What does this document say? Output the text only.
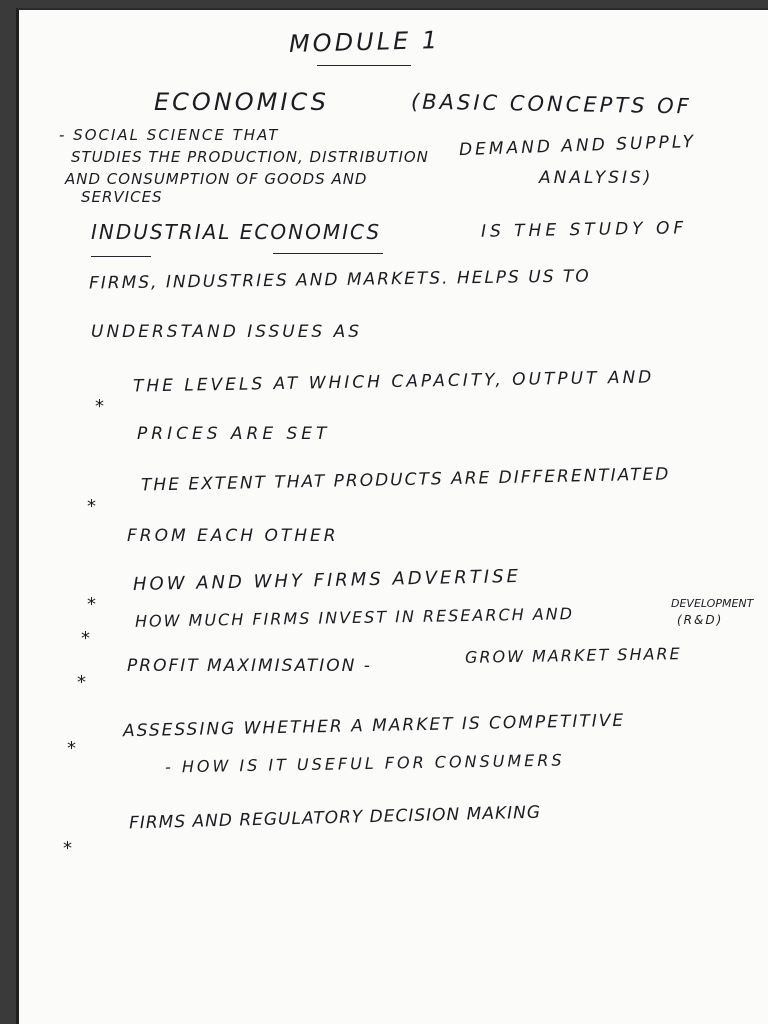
MODULE 1
ECONOMICS	(BASIC CONCEPTS OF
DEMAND AND SUPPLY
ANALYSIS)
- SOCIAL SCIENCE THAT
STUDIES THE PRODUCTION, DISTRIBUTION
AND CONSUMPTION OF GOODS AND
SERVICES
INDUSTRIAL ECONOMICS	IS THE STUDY OF
FIRMS, INDUSTRIES AND MARKETS. HELPS US TO
UNDERSTAND ISSUES AS
*
THE LEVELS AT WHICH CAPACITY, OUTPUT AND
PRICES ARE SET
*
THE EXTENT THAT PRODUCTS ARE DIFFERENTIATED
FROM EACH OTHER
*
HOW AND WHY FIRMS ADVERTISE
*
HOW MUCH FIRMS INVEST IN RESEARCH AND
DEVELOPMENT
(R&D)
*
PROFIT MAXIMISATION -	GROW MARKET SHARE
*
ASSESSING WHETHER A MARKET IS COMPETITIVE
- HOW IS IT USEFUL FOR CONSUMERS
*
FIRMS AND REGULATORY DECISION MAKING
